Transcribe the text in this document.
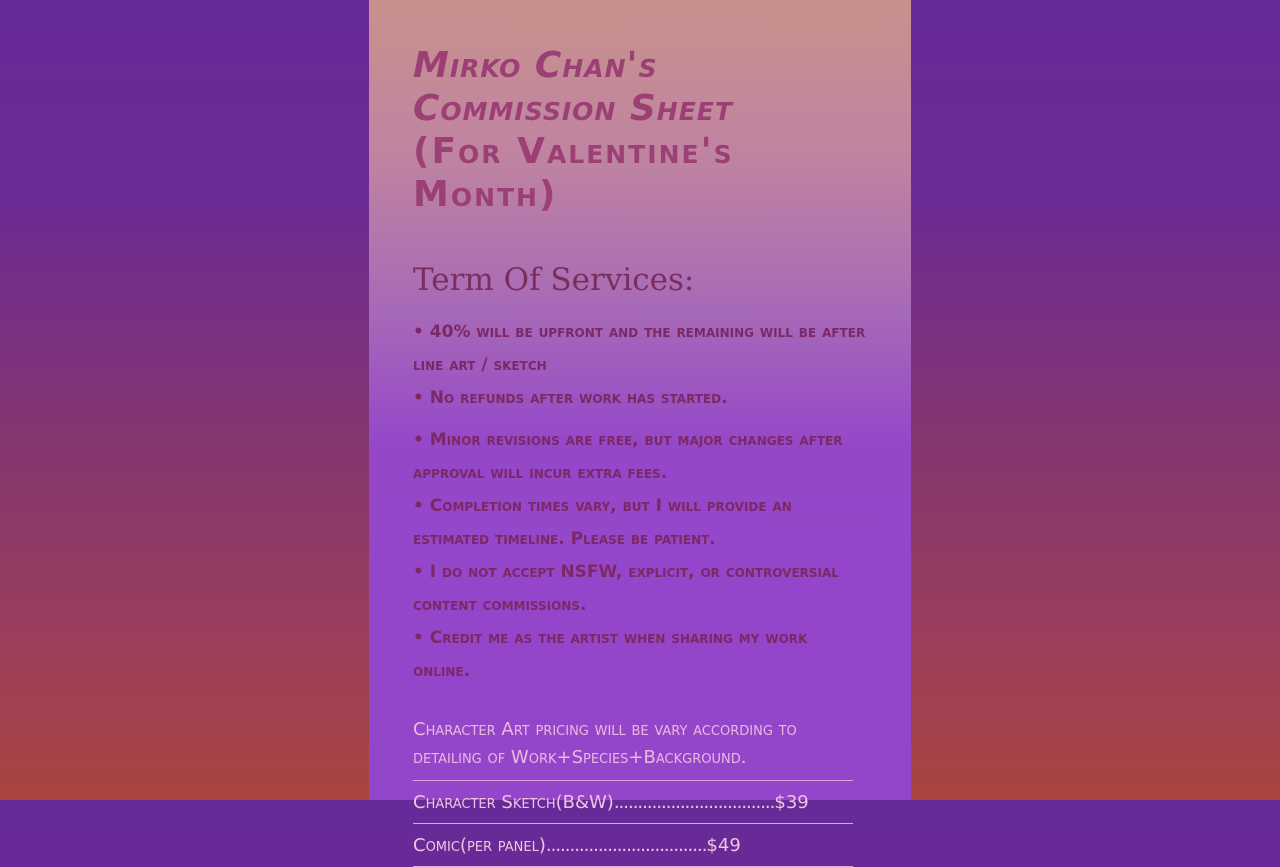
Mirko Chan's Commission Sheet
(For Valentine's Month)
Term Of Services:
• 40% will be upfront and the remaining will be after line art / sketch
• No refunds after work has started.
• Minor revisions are free, but major changes after approval will incur extra fees.
• Completion times vary, but I will provide an estimated timeline. Please be patient.
• I do not accept NSFW, explicit, or controversial content commissions.
• Credit me as the artist when sharing my work online.

Character Art pricing will be vary according to detailing of Work+Species+Background.

Character Sketch(B&W) .................................. $39
Comic(per panel) .................................. $49
